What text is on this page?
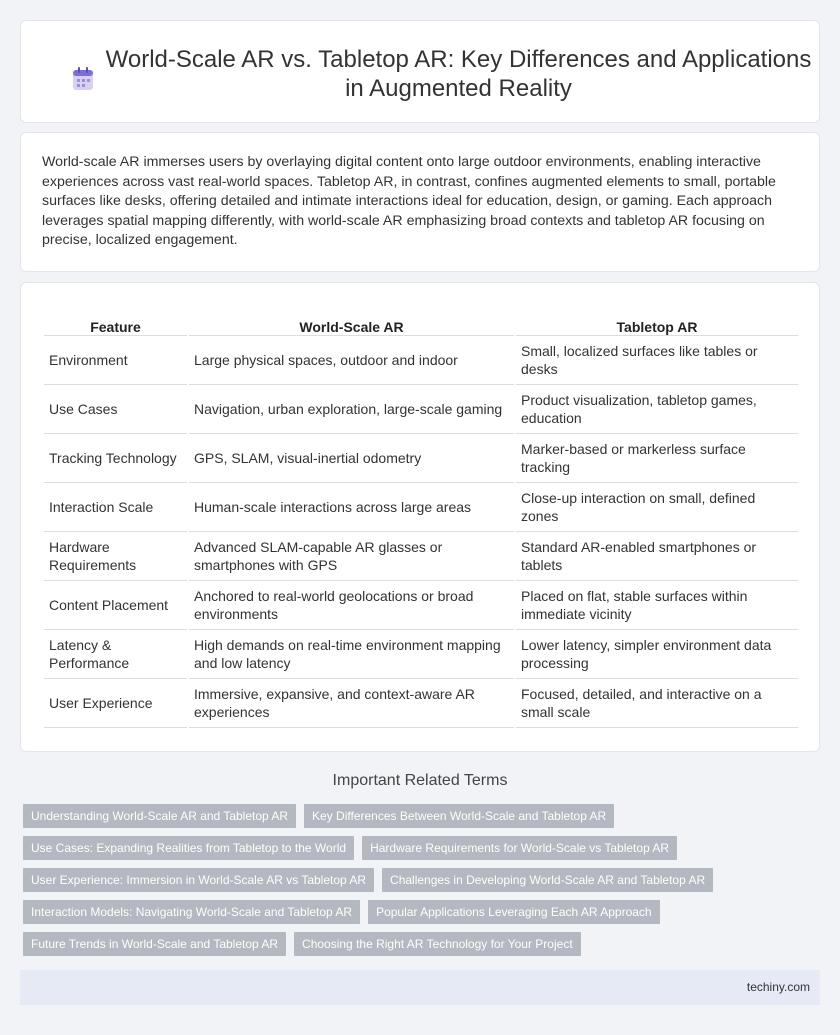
World-Scale AR vs. Tabletop AR: Key Differences and Applications in Augmented Reality

World-scale AR immerses users by overlaying digital content onto large outdoor environments, enabling interactive experiences across vast real-world spaces. Tabletop AR, in contrast, confines augmented elements to small, portable surfaces like desks, offering detailed and intimate interactions ideal for education, design, or gaming. Each approach leverages spatial mapping differently, with world-scale AR emphasizing broad contexts and tabletop AR focusing on precise, localized engagement.

Feature	World-Scale AR	Tabletop AR
Environment	Large physical spaces, outdoor and indoor	Small, localized surfaces like tables or desks
Use Cases	Navigation, urban exploration, large-scale gaming	Product visualization, tabletop games, education
Tracking Technology	GPS, SLAM, visual-inertial odometry	Marker-based or markerless surface tracking
Interaction Scale	Human-scale interactions across large areas	Close-up interaction on small, defined zones
Hardware Requirements	Advanced SLAM-capable AR glasses or smartphones with GPS	Standard AR-enabled smartphones or tablets
Content Placement	Anchored to real-world geolocations or broad environments	Placed on flat, stable surfaces within immediate vicinity
Latency & Performance	High demands on real-time environment mapping and low latency	Lower latency, simpler environment data processing
User Experience	Immersive, expansive, and context-aware AR experiences	Focused, detailed, and interactive on a small scale
Important Related Terms
Understanding World-Scale AR and Tabletop AR	Key Differences Between World-Scale and Tabletop AR
Use Cases: Expanding Realities from Tabletop to the World	Hardware Requirements for World-Scale vs Tabletop AR
User Experience: Immersion in World-Scale AR vs Tabletop AR	Challenges in Developing World-Scale AR and Tabletop AR
Interaction Models: Navigating World-Scale and Tabletop AR	Popular Applications Leveraging Each AR Approach
Future Trends in World-Scale and Tabletop AR	Choosing the Right AR Technology for Your Project
techiny.com
